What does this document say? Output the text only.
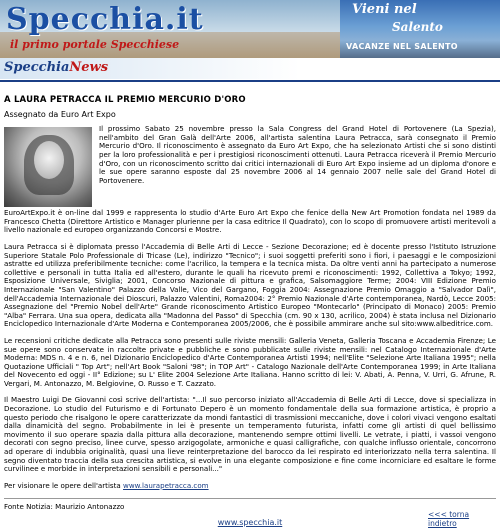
Specchia.it
il primo portale Specchiese
Vieni nel
Salento
VACANZE NEL SALENTO
SpecchiaNews
A LAURA PETRACCA IL PREMIO MERCURIO D'ORO
Assegnato da Euro Art Expo
Il prossimo Sabato 25 novembre presso la Sala Congress del Grand Hotel di Portovenere (La Spezia), nell'ambito del Gran Galà dell'Arte 2006, all'artista salentina Laura Petracca, sarà consegnato il Premio Mercurio d'Oro. Il riconoscimento è assegnato da Euro Art Expo, che ha selezionato Artisti che si sono distinti per la loro professionalità e per i prestigiosi riconoscimenti ottenuti. Laura Petracca riceverà il Premio Mercurio d'Oro, con un riconoscimento scritto dai critici internazionali di Euro Art Expo insieme ad un diploma d'onore e le sue opere saranno esposte dal 25 novembre 2006 al 14 gennaio 2007 nelle sale del Grand Hotel di Portovenere.

EuroArtExpo.it è on-line dal 1999 e rappresenta lo studio d'Arte Euro Art Expo che fenice della New Art Promotion fondata nel 1989 da Francesco Chetta (Direttore Artistico e Manager plurienne per la casa editrice Il Quadrato), con lo scopo di promuovere artisti meritevoli a livello nazionale ed europeo organizzando Concorsi e Mostre.

Laura Petracca si è diplomata presso l'Accademia di Belle Arti di Lecce - Sezione Decorazione; ed è docente presso l'Istituto Istruzione Superiore Statale Polo Professionale di Tricase (Le), indirizzo "Tecnico"; i suoi soggetti preferiti sono i fiori, i paesaggi e le composizioni astratte ed utilizza preferibilmente tecniche: come l'acrilico, la tempera e la tecnica mista. Da oltre venti anni ha partecipato a numerose collettive e personali in tutta Italia ed all'estero, durante le quali ha ricevuto premi e riconoscimenti: 1992, Collettiva a Tokyo; 1992, Esposizione Universale, Siviglia; 2001, Concorso Nazionale di pittura e grafica, Salsomaggiore Terme; 2004: VIII Edizione Premio Internazionale "San Valentino" Palazzo della Valle, Vico del Gargano, Foggia 2004: Assegnazione Premio Omaggio a "Salvador Dalì", dell'Accademia Internazionale dei Dioscuri, Palazzo Valentini, Roma2004: 2° Premio Nazionale d'Arte contemporanea, Nardò, Lecce 2005: Assegnazione del "Premio Nobel dell'Arte" Grande riconoscimento Artistico Europeo "Montecarlo" (Principato di Monaco) 2005: Premio "Alba" Ferrara. Una sua opera, dedicata alla "Madonna del Passo" di Specchia (cm. 90 x 130, acrilico, 2004) è stata inclusa nel Dizionario Enciclopedico Internazionale d'Arte Moderna e Contemporanea 2005/2006, che è possibile ammirare anche sul sito:www.albeditrice.com.

Le recensioni critiche dedicate alla Petracca sono presenti sulle riviste mensili: Galleria Veneta, Galleria Toscana e Accademia Firenze; Le sue opere sono conservate in raccolte private e pubbliche e sono pubblicate sulle riviste mensili: nel Catalogo Internazionale d'Arte Moderna: MDS n. 4 e n. 6, nel Dizionario Enciclopedico d'Arte Contemporanea Artisti 1994; nell'Elite "Selezione Arte Italiana 1995"; nella Quotazione Ufficiali " Top Art"; nell'Art Book "Saloni '98"; in TOP Art" - Catalogo Nazionale dell'Arte Contemporanea 1999; in Arte Italiana del Novecento ed oggi - II° Edizione; su L' Elite 2004 Selezione Arte Italiana. Hanno scritto di lei: V. Abati, A. Penna, V. Urri, G. Afrune, R. Vergari, M. Antonazzo, M. Belgiovine, O. Russo e T. Cazzato.

Il Maestro Luigi De Giovanni così scrive dell'artista: "...Il suo percorso iniziato all'Accademia di Belle Arti di Lecce, dove si specializza in Decorazione. Lo studio del Futurismo e di Fortunato Depero è un momento fondamentale della sua formazione artistica, è proprio a questo periodo che risalgono le opere caratterizzate da mondi fantastici di trasmissioni meccaniche, dove i colori vivaci vengono esaltati dalla dinamicità del segno. Probabilmente in lei è presente un temperamento futurista, infatti come gli artisti di quel bellissimo movimento il suo operare spazia dalla pittura alla decorazione, mantenendo sempre ottimi livelli. Le vetrate, i piatti, i vassoi vengono decorati con segno preciso, linee curve, spesso arzigogolate, armoniche e quasi calligrafiche, con qualche influsso orientale, concorrono ad operare di indubbia originalità, quasi una lieve reinterpretazione del barocco da lei respirato ed interiorizzato nella terra salentina. Il segno diventato traccia della sua crescita artistica, si evolve in una elegante composizione e fine come incorniciare ed esaltare le forme curvilinee e morbide in interpretazioni sensibili e personali..."

Per visionare le opere dell'artista www.laurapetracca.com

Fonte Notizia: Maurizio Antonazzo
<<< torna indietro
www.specchia.it
